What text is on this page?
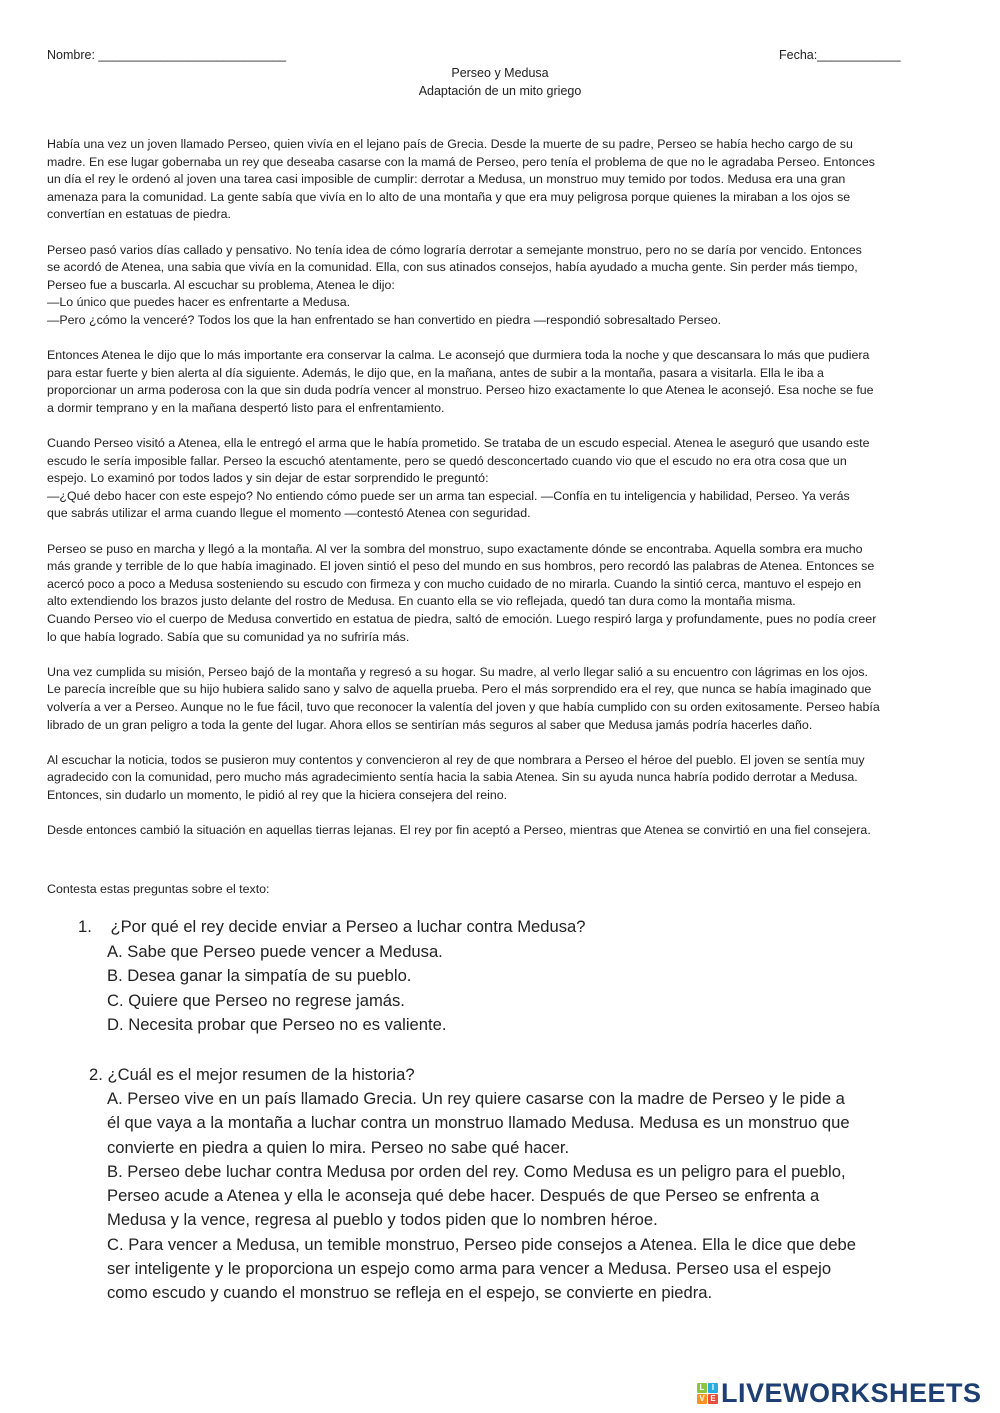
Nombre: ___________________________	Fecha:____________
Perseo y Medusa
Adaptación de un mito griego

Había una vez un joven llamado Perseo, quien vivía en el lejano país de Grecia. Desde la muerte de su padre, Perseo se había hecho cargo de su
madre. En ese lugar gobernaba un rey que deseaba casarse con la mamá de Perseo, pero tenía el problema de que no le agradaba Perseo. Entonces
un día el rey le ordenó al joven una tarea casi imposible de cumplir: derrotar a Medusa, un monstruo muy temido por todos. Medusa era una gran
amenaza para la comunidad. La gente sabía que vivía en lo alto de una montaña y que era muy peligrosa porque quienes la miraban a los ojos se
convertían en estatuas de piedra.

Perseo pasó varios días callado y pensativo. No tenía idea de cómo lograría derrotar a semejante monstruo, pero no se daría por vencido. Entonces
se acordó de Atenea, una sabia que vivía en la comunidad. Ella, con sus atinados consejos, había ayudado a mucha gente. Sin perder más tiempo,
Perseo fue a buscarla. Al escuchar su problema, Atenea le dijo:
—Lo único que puedes hacer es enfrentarte a Medusa.
—Pero ¿cómo la venceré? Todos los que la han enfrentado se han convertido en piedra —respondió sobresaltado Perseo.

Entonces Atenea le dijo que lo más importante era conservar la calma. Le aconsejó que durmiera toda la noche y que descansara lo más que pudiera
para estar fuerte y bien alerta al día siguiente. Además, le dijo que, en la mañana, antes de subir a la montaña, pasara a visitarla. Ella le iba a
proporcionar un arma poderosa con la que sin duda podría vencer al monstruo. Perseo hizo exactamente lo que Atenea le aconsejó. Esa noche se fue
a dormir temprano y en la mañana despertó listo para el enfrentamiento.

Cuando Perseo visitó a Atenea, ella le entregó el arma que le había prometido. Se trataba de un escudo especial. Atenea le aseguró que usando este
escudo le sería imposible fallar. Perseo la escuchó atentamente, pero se quedó desconcertado cuando vio que el escudo no era otra cosa que un
espejo. Lo examinó por todos lados y sin dejar de estar sorprendido le preguntó:
—¿Qué debo hacer con este espejo? No entiendo cómo puede ser un arma tan especial. —Confía en tu inteligencia y habilidad, Perseo. Ya verás
que sabrás utilizar el arma cuando llegue el momento —contestó Atenea con seguridad.

Perseo se puso en marcha y llegó a la montaña. Al ver la sombra del monstruo, supo exactamente dónde se encontraba. Aquella sombra era mucho
más grande y terrible de lo que había imaginado. El joven sintió el peso del mundo en sus hombros, pero recordó las palabras de Atenea. Entonces se
acercó poco a poco a Medusa sosteniendo su escudo con firmeza y con mucho cuidado de no mirarla. Cuando la sintió cerca, mantuvo el espejo en
alto extendiendo los brazos justo delante del rostro de Medusa. En cuanto ella se vio reflejada, quedó tan dura como la montaña misma.
Cuando Perseo vio el cuerpo de Medusa convertido en estatua de piedra, saltó de emoción. Luego respiró larga y profundamente, pues no podía creer
lo que había logrado. Sabía que su comunidad ya no sufriría más.

Una vez cumplida su misión, Perseo bajó de la montaña y regresó a su hogar. Su madre, al verlo llegar salió a su encuentro con lágrimas en los ojos.
Le parecía increíble que su hijo hubiera salido sano y salvo de aquella prueba. Pero el más sorprendido era el rey, que nunca se había imaginado que
volvería a ver a Perseo. Aunque no le fue fácil, tuvo que reconocer la valentía del joven y que había cumplido con su orden exitosamente. Perseo había
librado de un gran peligro a toda la gente del lugar. Ahora ellos se sentirían más seguros al saber que Medusa jamás podría hacerles daño.

Al escuchar la noticia, todos se pusieron muy contentos y convencieron al rey de que nombrara a Perseo el héroe del pueblo. El joven se sentía muy
agradecido con la comunidad, pero mucho más agradecimiento sentía hacia la sabia Atenea. Sin su ayuda nunca habría podido derrotar a Medusa.
Entonces, sin dudarlo un momento, le pidió al rey que la hiciera consejera del reino.

Desde entonces cambió la situación en aquellas tierras lejanas. El rey por fin aceptó a Perseo, mientras que Atenea se convirtió en una fiel consejera.

Contesta estas preguntas sobre el texto:
1. ¿Por qué el rey decide enviar a Perseo a luchar contra Medusa?
A. Sabe que Perseo puede vencer a Medusa.
B. Desea ganar la simpatía de su pueblo.
C. Quiere que Perseo no regrese jamás.
D. Necesita probar que Perseo no es valiente.
2. ¿Cuál es el mejor resumen de la historia?
A. Perseo vive en un país llamado Grecia. Un rey quiere casarse con la madre de Perseo y le pide a
él que vaya a la montaña a luchar contra un monstruo llamado Medusa. Medusa es un monstruo que
convierte en piedra a quien lo mira. Perseo no sabe qué hacer.
B. Perseo debe luchar contra Medusa por orden del rey. Como Medusa es un peligro para el pueblo,
Perseo acude a Atenea y ella le aconseja qué debe hacer. Después de que Perseo se enfrenta a
Medusa y la vence, regresa al pueblo y todos piden que lo nombren héroe.
C. Para vencer a Medusa, un temible monstruo, Perseo pide consejos a Atenea. Ella le dice que debe
ser inteligente y le proporciona un espejo como arma para vencer a Medusa. Perseo usa el espejo
como escudo y cuando el monstruo se refleja en el espejo, se convierte en piedra.
L I
V E LIVEWORKSHEETS
